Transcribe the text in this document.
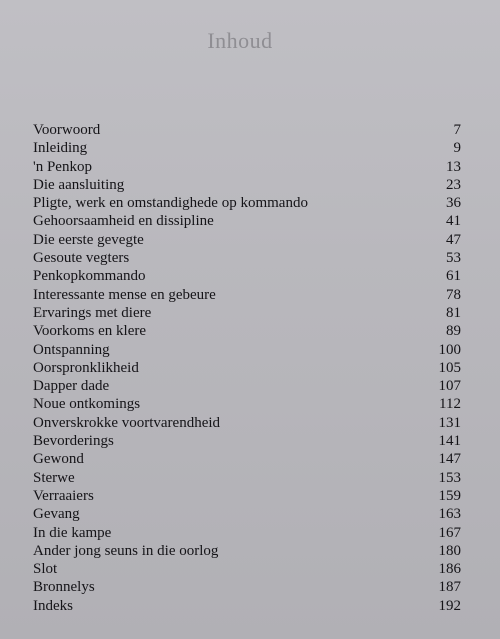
Inhoud
Voorwoord	7
Inleiding	9
'n Penkop	13
Die aansluiting	23
Pligte, werk en omstandighede op kommando	36
Gehoorsaamheid en dissipline	41
Die eerste gevegte	47
Gesoute vegters	53
Penkopkommando	61
Interessante mense en gebeure	78
Ervarings met diere	81
Voorkoms en klere	89
Ontspanning	100
Oorspronklikheid	105
Dapper dade	107
Noue ontkomings	112
Onverskrokke voortvarendheid	131
Bevorderings	141
Gewond	147
Sterwe	153
Verraaiers	159
Gevang	163
In die kampe	167
Ander jong seuns in die oorlog	180
Slot	186
Bronnelys	187
Indeks	192
